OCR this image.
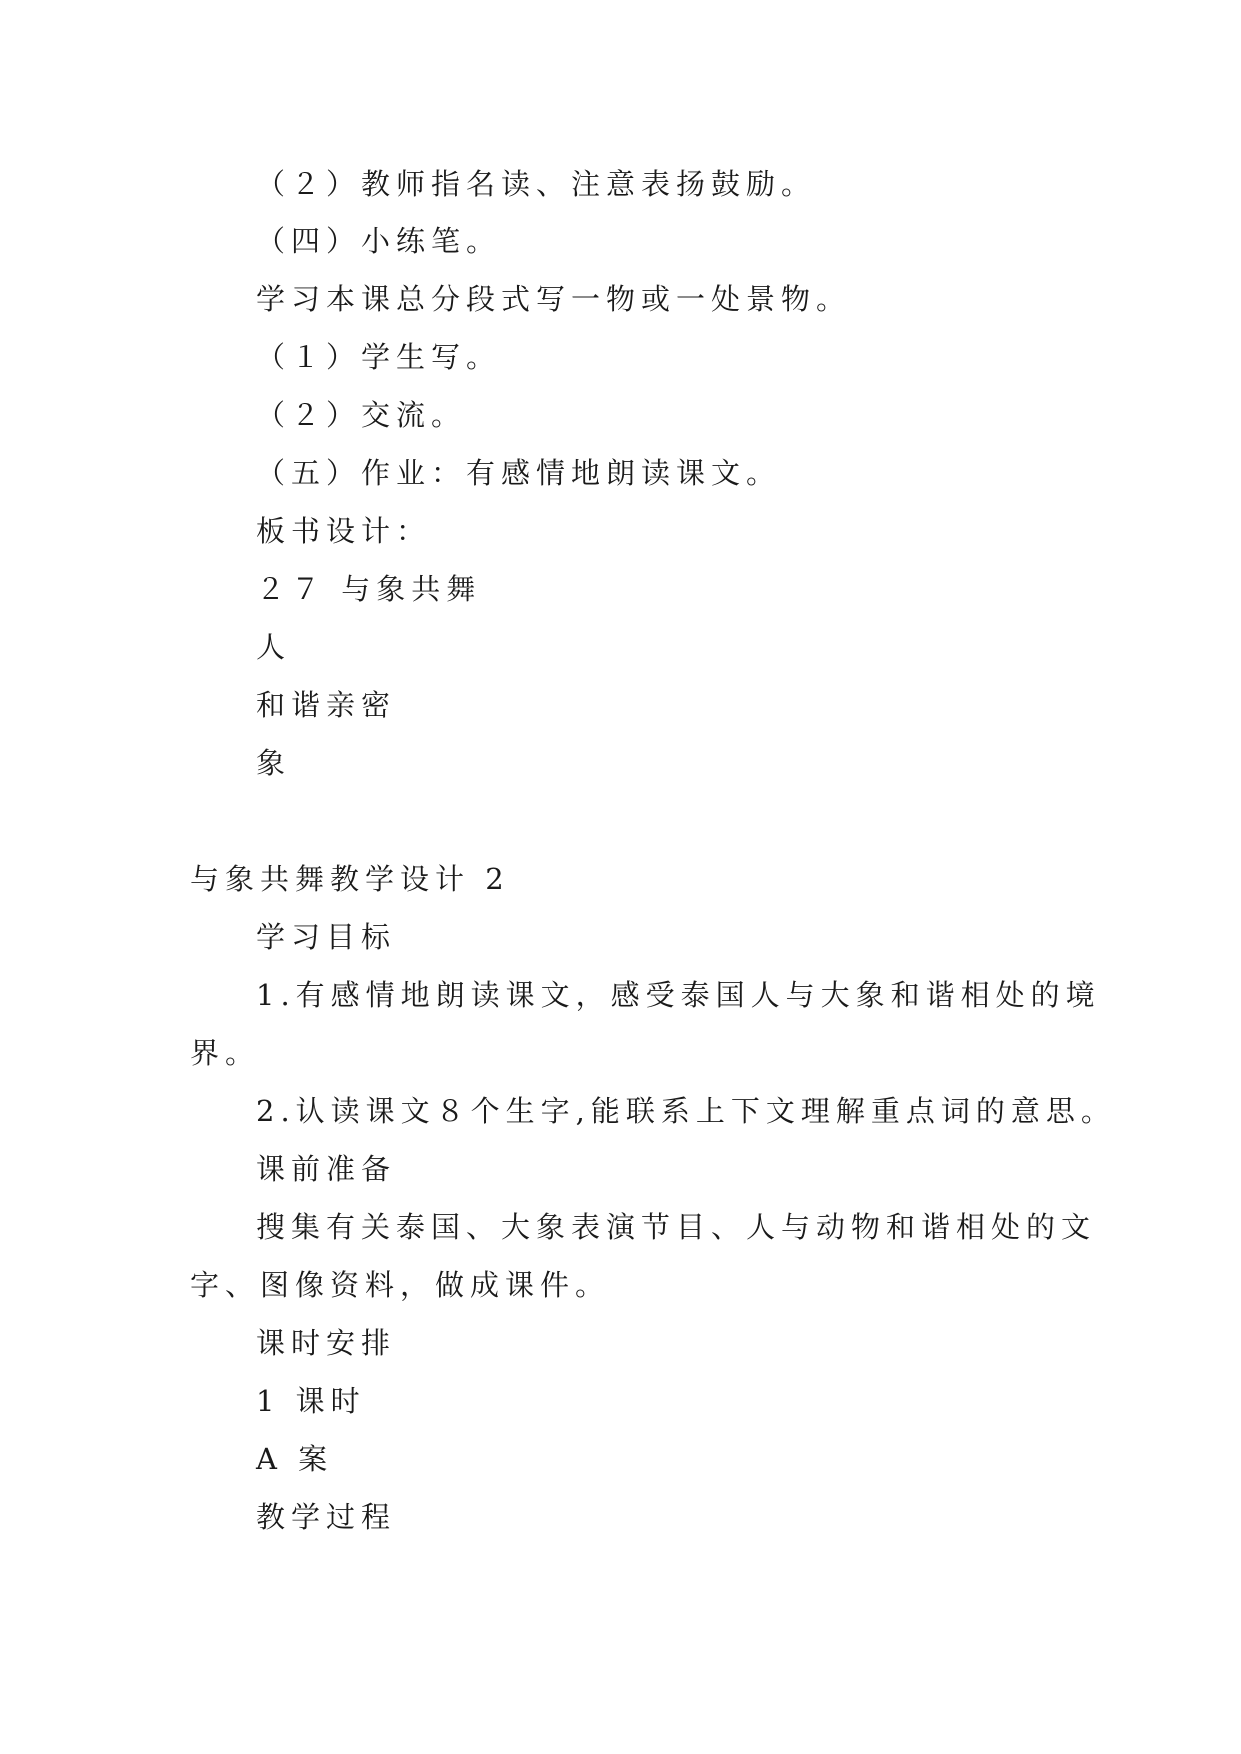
（２）教师指名读、注意表扬鼓励。
（四）小练笔。
学习本课总分段式写一物或一处景物。
（１）学生写。
（２）交流。
（五）作业：有感情地朗读课文。
板书设计：
２７ 与象共舞
人
和谐亲密
象
与象共舞教学设计 2
学习目标
1.有感情地朗读课文，感受泰国人与大象和谐相处的境
界。
2.认读课文８个生字,能联系上下文理解重点词的意思。
课前准备
搜集有关泰国、大象表演节目、人与动物和谐相处的文
字、图像资料，做成课件。
课时安排
1 课时
A 案
教学过程
